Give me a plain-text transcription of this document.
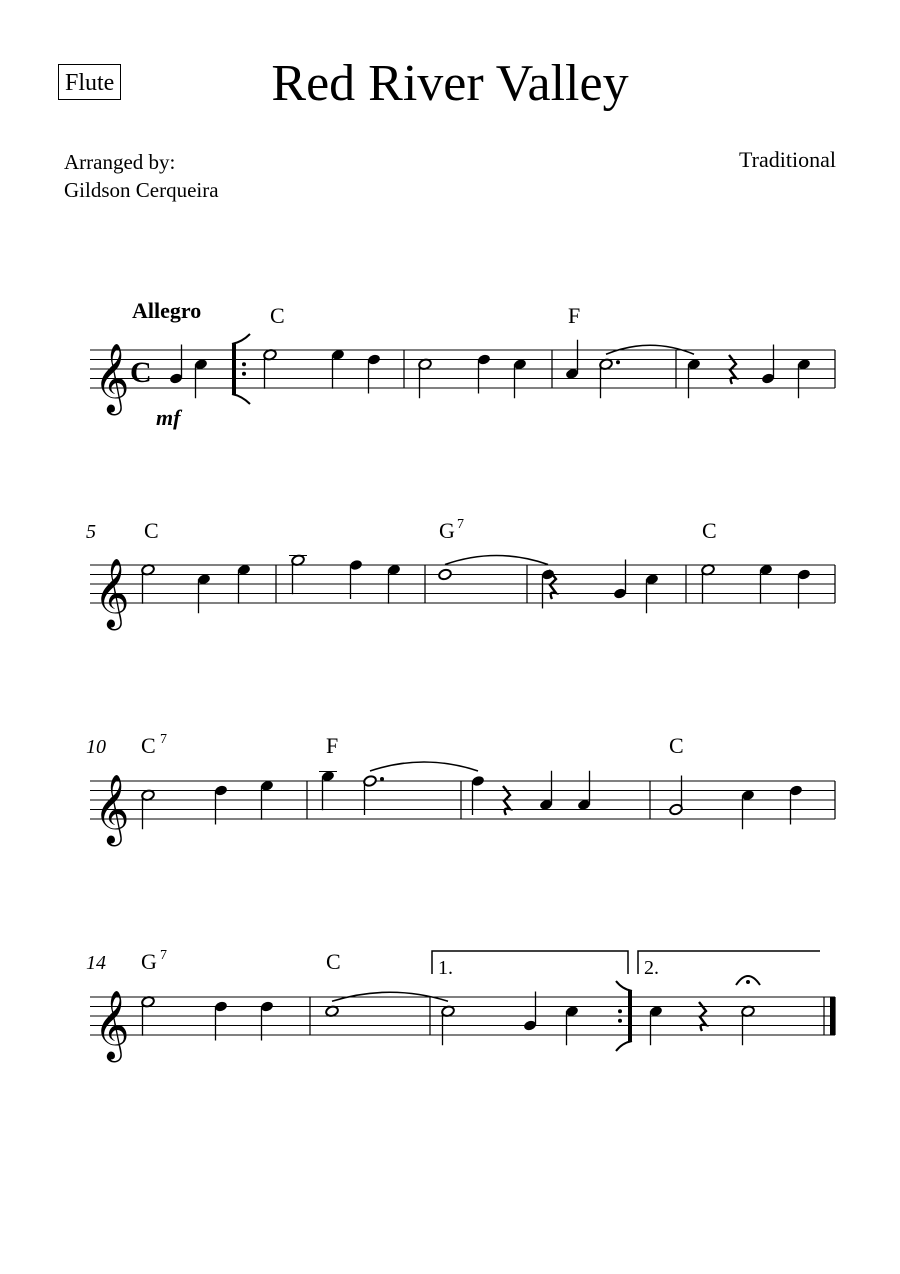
Flute	Red River Valley
Arranged by:
Gildson Cerqueira
Traditional
Allegro
mf
C
5
10
14
C	F
C	G 7	C
C 7	F	C
G 7	C	1.	2.
𝄞
𝄞
𝄞
𝄞
